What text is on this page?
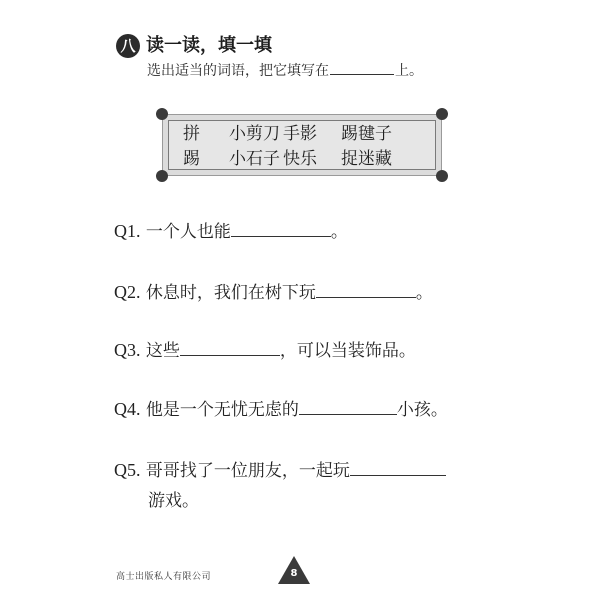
八 读一读，填一填
选出适当的词语，把它填写在	上。
拼 小剪刀 手影 踢毽子
踢 小石子 快乐 捉迷藏
Q1. 一个人也能	。
Q2. 休息时，我们在树下玩	。
Q3. 这些	，可以当装饰品。
Q4. 他是一个无忧无虑的	小孩。
Q5. 哥哥找了一位朋友，一起玩
游戏。
高士出版私人有限公司	8
